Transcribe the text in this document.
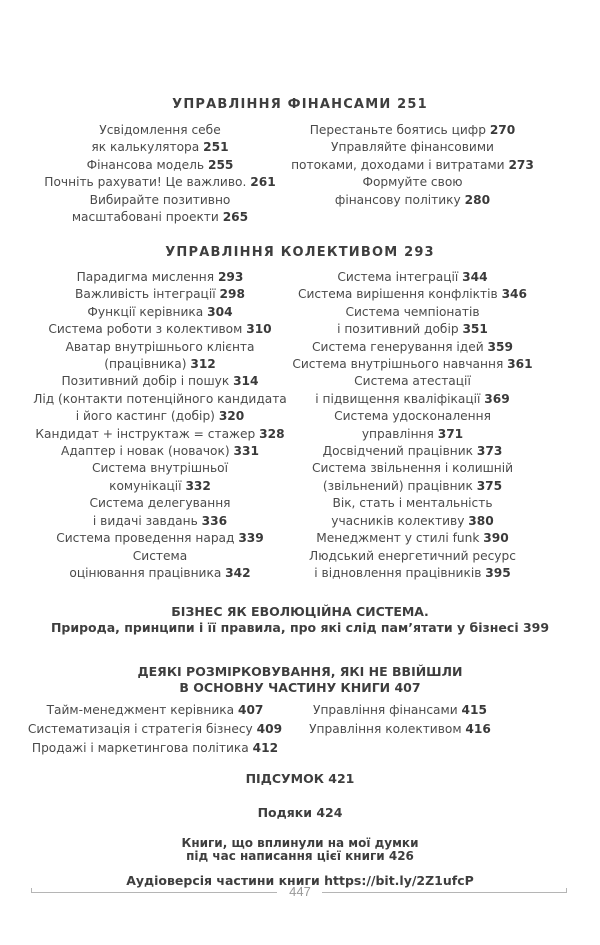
УПРАВЛІННЯ ФІНАНСАМИ 251
Усвідомлення себе
як калькулятора 251
Фінансова модель 255
Почніть рахувати! Це важливо. 261
Вибирайте позитивно
масштабовані проекти 265
Перестаньте боятись цифр 270
Управляйте фінансовими
потоками, доходами і витратами 273
Формуйте свою
фінансову політику 280
УПРАВЛІННЯ КОЛЕКТИВОМ 293
Парадигма мислення 293
Важливість інтеграції 298
Функції керівника 304
Система роботи з колективом 310
Аватар внутрішнього клієнта
(працівника) 312
Позитивний добір і пошук 314
Лід (контакти потенційного кандидата
і його кастинг (добір) 320
Кандидат + інструктаж = стажер 328
Адаптер і новак (новачок) 331
Система внутрішньої
комунікації 332
Система делегування
і видачі завдань 336
Система проведення нарад 339
Система
оцінювання працівника 342
Система інтеграції 344
Система вирішення конфліктів 346
Система чемпіонатів
і позитивний добір 351
Система генерування ідей 359
Система внутрішнього навчання 361
Система атестації
і підвищення кваліфікації 369
Система удосконалення
управління 371
Досвідчений працівник 373
Система звільнення і колишній
(звільнений) працівник 375
Вік, стать і ментальність
учасників колективу 380
Менеджмент у стилі funk 390
Людський енергетичний ресурс
і відновлення працівників 395
БІЗНЕС ЯК ЕВОЛЮЦІЙНА СИСТЕМА.
Природа, принципи і її правила, про які слід пам’ятати у бізнесі 399
ДЕЯКІ РОЗМІРКОВУВАННЯ, ЯКІ НЕ ВВІЙШЛИ
В ОСНОВНУ ЧАСТИНУ КНИГИ 407
Тайм-менеджмент керівника 407
Систематизація і стратегія бізнесу 409
Продажі і маркетингова політика 412
Управління фінансами 415
Управління колективом 416
ПІДСУМОК 421
Подяки 424
Книги, що вплинули на мої думки
під час написання цієї книги 426
Аудіоверсія частини книги https://bit.ly/2Z1ufcP
447
